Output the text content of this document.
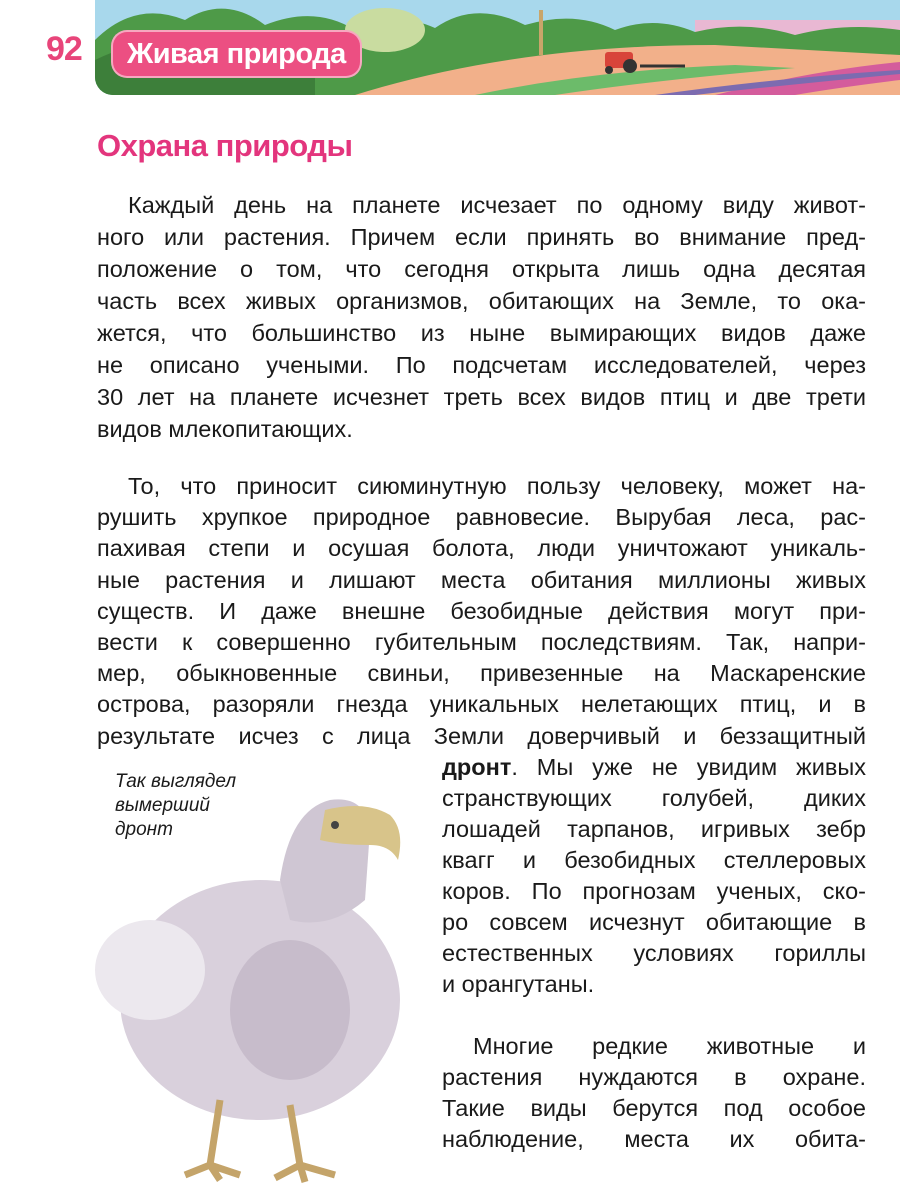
92	Живая природа
Охрана природы
Каждый день на планете исчезает по одному виду живот-
ного или растения. Причем если принять во внимание пред-
положение о том, что сегодня открыта лишь одна десятая
часть всех живых организмов, обитающих на Земле, то ока-
жется, что большинство из ныне вымирающих видов даже
не описано учеными. По подсчетам исследователей, через
30 лет на планете исчезнет треть всех видов птиц и две трети
видов млекопитающих.
То, что приносит сиюминутную пользу человеку, может на-
рушить хрупкое природное равновесие. Вырубая леса, рас-
пахивая степи и осушая болота, люди уничтожают уникаль-
ные растения и лишают места обитания миллионы живых
существ. И даже внешне безобидные действия могут при-
вести к совершенно губительным последствиям. Так, напри-
мер, обыкновенные свиньи, привезенные на Маскаренские
острова, разоряли гнезда уникальных нелетающих птиц, и в
результате исчез с лица Земли доверчивый и беззащитный
дронт. Мы уже не увидим живых
странствующих голубей, диких
лошадей тарпанов, игривых зебр
квагг и безобидных стеллеровых
коров. По прогнозам ученых, ско-
ро совсем исчезнут обитающие в
естественных условиях гориллы
и орангутаны.
Многие редкие животные и
растения нуждаются в охране.
Такие виды берутся под особое
наблюдение, места их обита-
Так выглядел
вымерший
дронт
